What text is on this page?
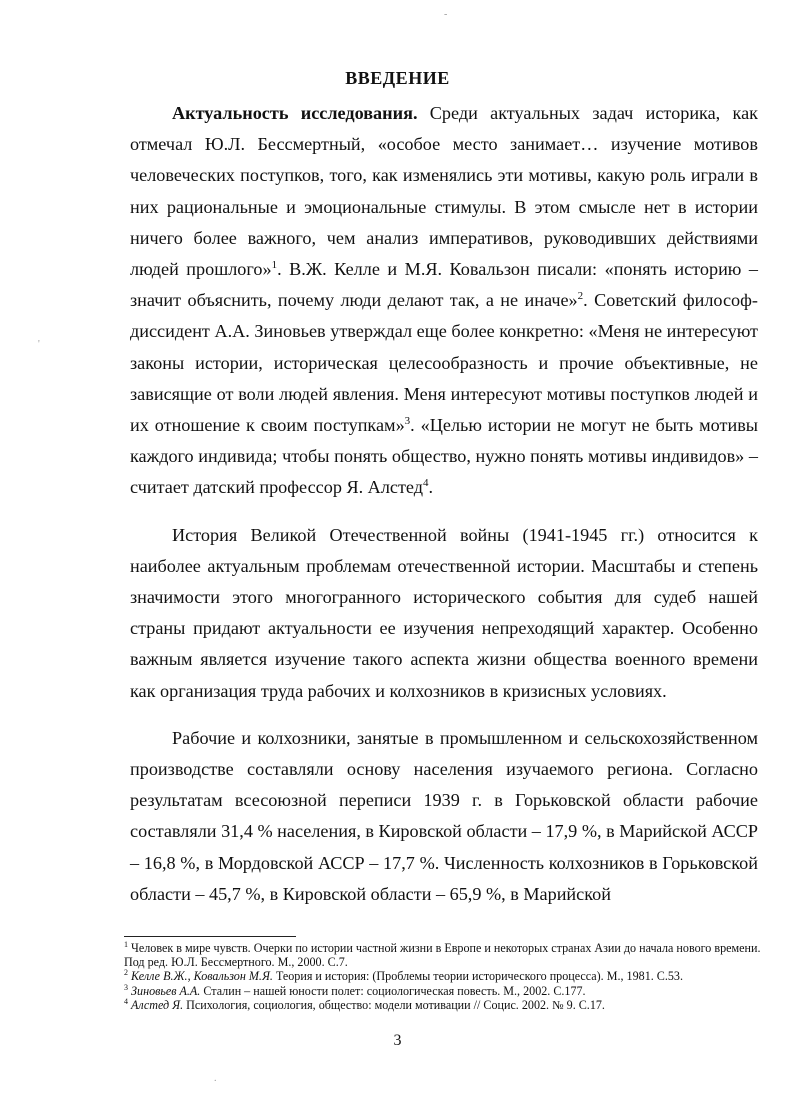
-
'
.
ВВЕДЕНИЕ

Актуальность исследования. Среди актуальных задач историка, как отмечал Ю.Л. Бессмертный, «особое место занимает… изучение мотивов человеческих поступков, того, как изменялись эти мотивы, какую роль играли в них рациональные и эмоциональные стимулы. В этом смысле нет в истории ничего более важного, чем анализ императивов, руководивших действиями людей прошлого»$^1$. В.Ж. Келле и М.Я. Ковальзон писали: «понять историю – значит объяснить, почему люди делают так, а не иначе»$^2$. Советский философ-диссидент А.А. Зиновьев утверждал еще более конкретно: «Меня не интересуют законы истории, историческая целесообразность и прочие объективные, не зависящие от воли людей явления. Меня интересуют мотивы поступков людей и их отношение к своим поступкам»$^3$. «Целью истории не могут не быть мотивы каждого индивида; чтобы понять общество, нужно понять мотивы индивидов» – считает датский профессор Я. Алстед$^4$.

История Великой Отечественной войны (1941-1945 гг.) относится к наиболее актуальным проблемам отечественной истории. Масштабы и степень значимости этого многогранного исторического события для судеб нашей страны придают актуальности ее изучения непреходящий характер. Особенно важным является изучение такого аспекта жизни общества военного времени как организация труда рабочих и колхозников в кризисных условиях.

Рабочие и колхозники, занятые в промышленном и сельскохозяйственном производстве составляли основу населения изучаемого региона. Согласно результатам всесоюзной переписи 1939 г. в Горьковской области рабочие составляли 31,4 % населения, в Кировской области – 17,9 %, в Марийской АССР – 16,8 %, в Мордовской АССР – 17,7 %. Численность колхозников в Горьковской области – 45,7 %, в Кировской области – 65,9 %, в Марийской

$^1$ Человек в мире чувств. Очерки по истории частной жизни в Европе и некоторых странах Азии до начала нового времени. Под ред. Ю.Л. Бессмертного. М., 2000. С.7.

$^2$ Келле В.Ж., Ковальзон М.Я. Теория и история: (Проблемы теории исторического процесса). М., 1981. С.53.

$^3$ Зиновьев А.А. Сталин – нашей юности полет: социологическая повесть. М., 2002. С.177.

$^4$ Алстед Я. Психология, социология, общество: модели мотивации // Социс. 2002. № 9. С.17.

3
